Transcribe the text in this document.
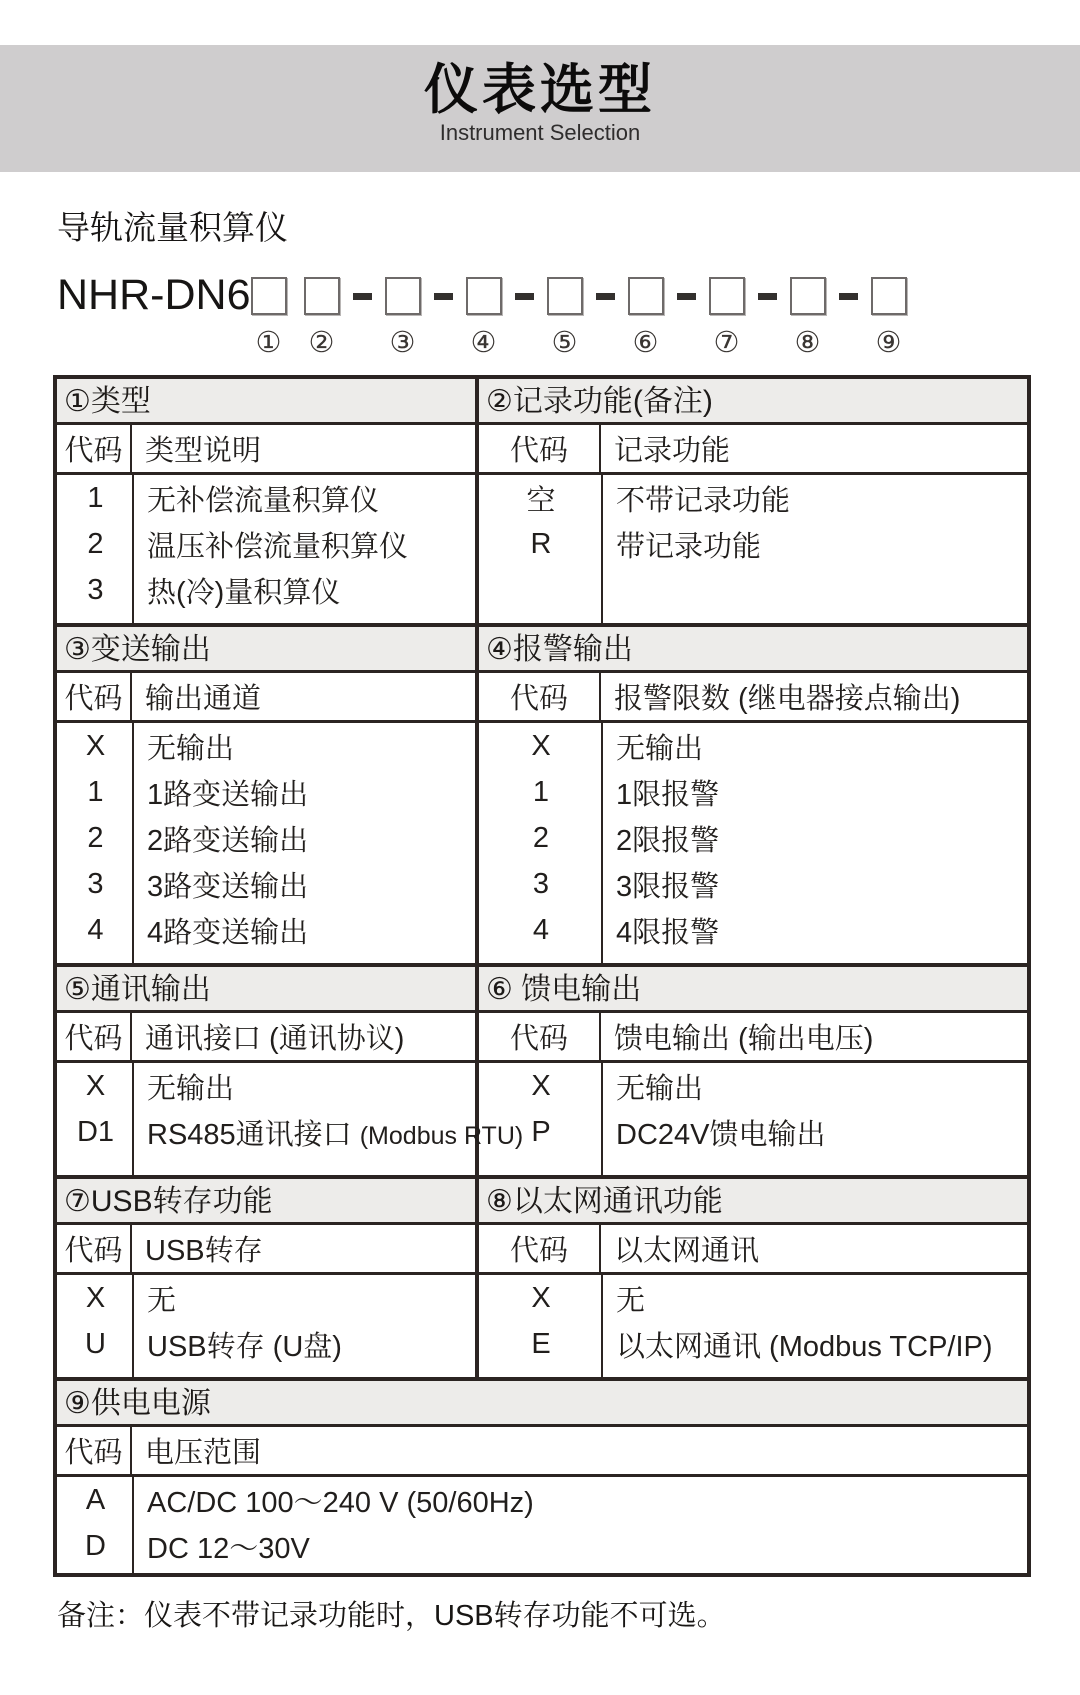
仪表选型
Instrument Selection
导轨流量积算仪
NHR-DN6
① ② ③ ④ ⑤ ⑥ ⑦ ⑧ ⑨
①类型
代码 类型说明
1	无补偿流量积算仪
2	温压补偿流量积算仪
3	热(冷)量积算仪
②记录功能(备注)
代码	记录功能
空	不带记录功能
R	带记录功能
③变送输出
代码 输出通道
X	无输出
1	1路变送输出
2	2路变送输出
3	3路变送输出
4	4路变送输出
④报警输出
代码	报警限数 (继电器接点输出)
X	无输出
1	1限报警
2	2限报警
3	3限报警
4	4限报警
⑤通讯输出
代码 通讯接口 (通讯协议)
X	无输出
D1	RS485通讯接口 (Modbus RTU)
⑥ 馈电输出
代码	馈电输出 (输出电压)
X	无输出
P	DC24V馈电输出
⑦USB转存功能
代码 USB转存
X	无
U	USB转存 (U盘)
⑧以太网通讯功能
代码	以太网通讯
X	无
E	以太网通讯 (Modbus TCP/IP)
⑨供电电源
代码 电压范围
A	AC/DC 100～240 V (50/60Hz)
D	DC 12～30V
备注：仪表不带记录功能时，USB转存功能不可选。
